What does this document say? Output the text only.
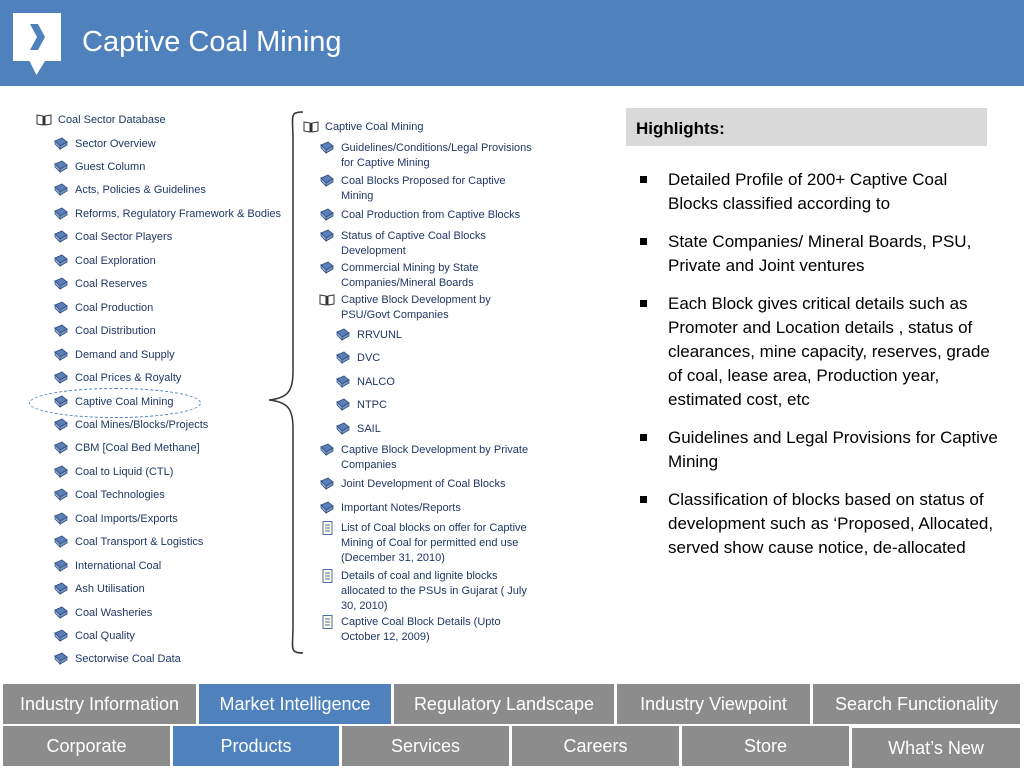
Captive Coal Mining
Coal Sector Database
Sector Overview
Guest Column
Acts, Policies & Guidelines
Reforms, Regulatory Framework & Bodies
Coal Sector Players
Coal Exploration
Coal Reserves
Coal Production
Coal Distribution
Demand and Supply
Coal Prices & Royalty
Captive Coal Mining
Coal Mines/Blocks/Projects
CBM [Coal Bed Methane]
Coal to Liquid (CTL)
Coal Technologies
Coal Imports/Exports
Coal Transport & Logistics
International Coal
Ash Utilisation
Coal Washeries
Coal Quality
Sectorwise Coal Data
Captive Coal Mining
Guidelines/Conditions/Legal Provisions for Captive Mining
Coal Blocks Proposed for Captive Mining
Coal Production from Captive Blocks
Status of Captive Coal Blocks Development
Commercial Mining by State Companies/Mineral Boards
Captive Block Development by PSU/Govt Companies
RRVUNL
DVC
NALCO
NTPC
SAIL
Captive Block Development by Private Companies
Joint Development of Coal Blocks
Important Notes/Reports
List of Coal blocks on offer for Captive Mining of Coal for permitted end use (December 31, 2010)
Details of coal and lignite blocks allocated to the PSUs in Gujarat ( July 30, 2010)
Captive Coal Block Details (Upto October 12, 2009)
Highlights:
Detailed Profile of 200+ Captive Coal Blocks classified according to
State Companies/ Mineral Boards, PSU, Private and Joint ventures
Each Block gives critical details such as Promoter and Location details , status of clearances, mine capacity, reserves, grade of coal, lease area, Production year, estimated cost, etc
Guidelines and Legal Provisions for Captive Mining
Classification of blocks based on status of development such as ‘Proposed, Allocated, served show cause notice, de-allocated
Industry Information	Market Intelligence	Regulatory Landscape	Industry Viewpoint	Search Functionality
Corporate	Products	Services	Careers	Store	What’s New
